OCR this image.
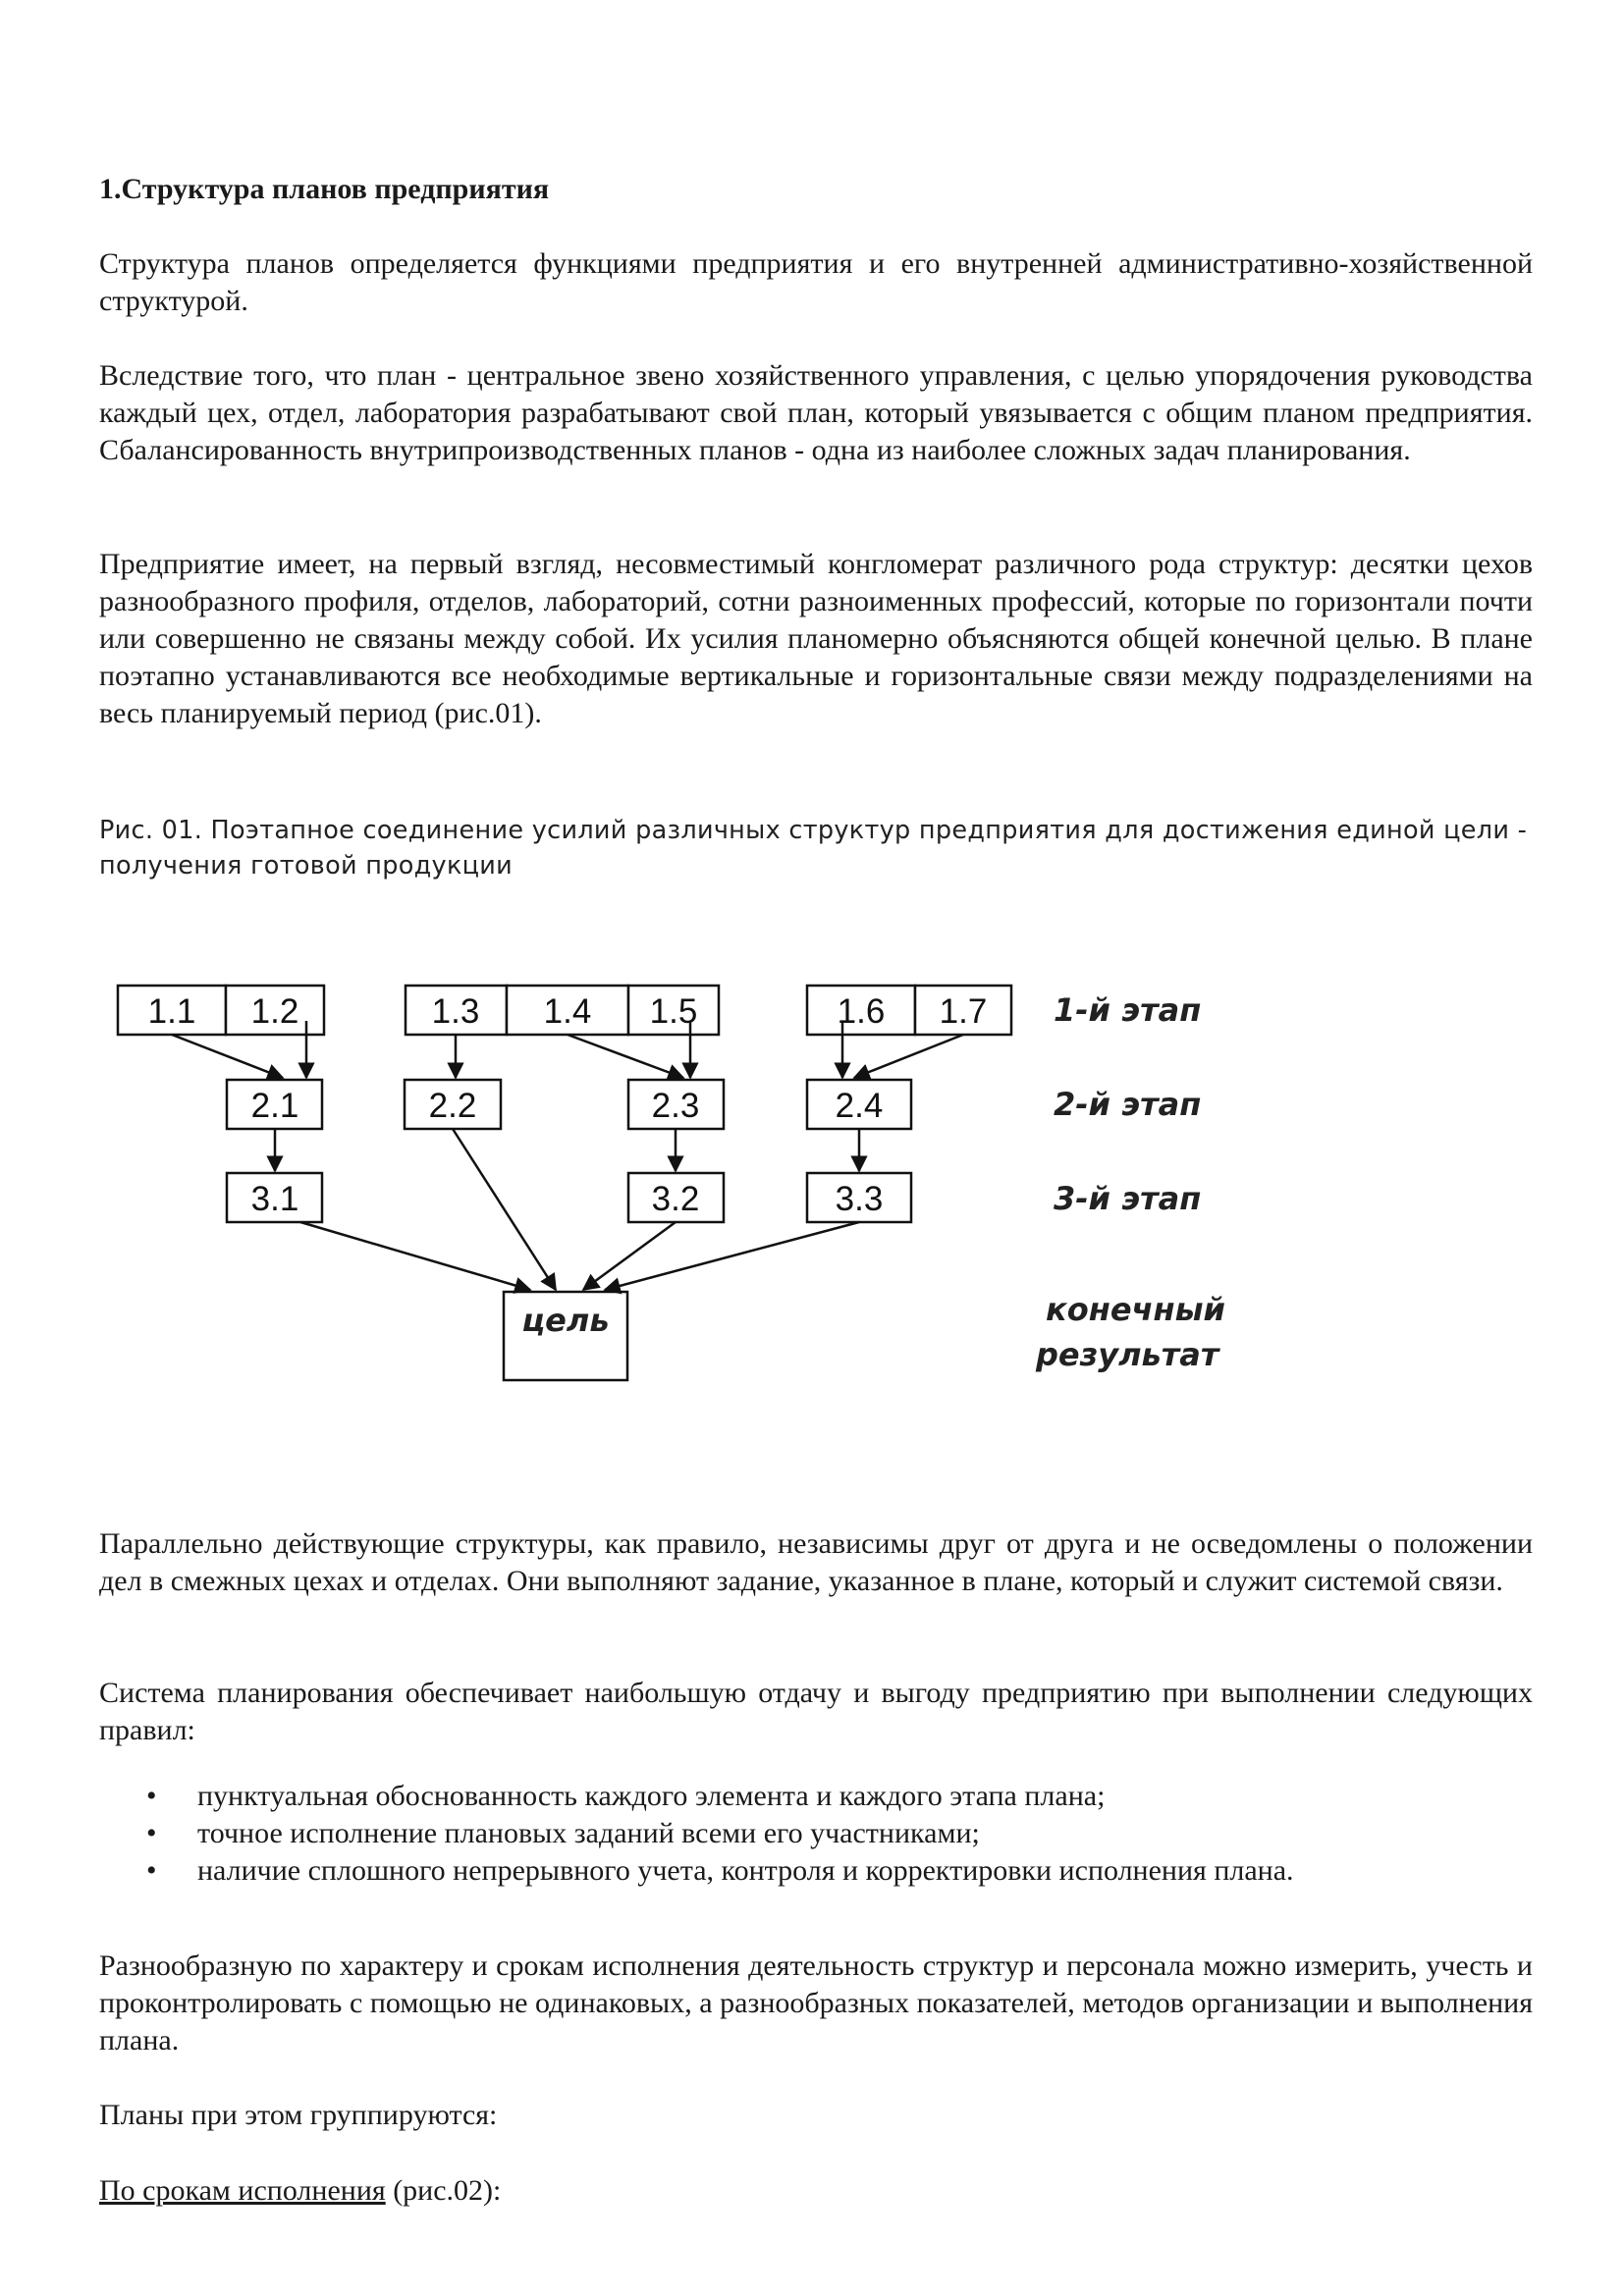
1.Структура планов предприятия

Структура планов определяется функциями предприятия и его внутренней административно-хозяйственной структурой.

Вследствие того, что план - центральное звено хозяйственного управления, с целью упорядочения руководства каждый цех, отдел, лаборатория разрабатывают свой план, который увязывается с общим планом предприятия. Сбалансированность внутрипроизводственных планов - одна из наиболее сложных задач планирования.

Предприятие имеет, на первый взгляд, несовместимый конгломерат различного рода структур: десятки цехов разнообразного профиля, отделов, лабораторий, сотни разноименных профессий, которые по горизонтали почти или совершенно не связаны между собой. Их усилия планомерно объясняются общей конечной целью. В плане поэтапно устанавливаются все необходимые вертикальные и горизонтальные связи между подразделениями на весь планируемый период (рис.01).

Рис. 01. Поэтапное соединение усилий различных структур предприятия для достижения единой цели - получения готовой продукции

1.1 1.2	1.3 1.4 1.5	1.6 1.7
2.1	2.2	2.3	2.4
3.1	3.2	3.3
цель
1-й этап
2-й этап
3-й этап
конечный
результат

Параллельно действующие структуры, как правило, независимы друг от друга и не осведомлены о положении дел в смежных цехах и отделах. Они выполняют задание, указанное в плане, который и служит системой связи.

Система планирования обеспечивает наибольшую отдачу и выгоду предприятию при выполнении следующих правил:

• пунктуальная обоснованность каждого элемента и каждого этапа плана;
• точное исполнение плановых заданий всеми его участниками;
• наличие сплошного непрерывного учета, контроля и корректировки исполнения плана.

Разнообразную по характеру и срокам исполнения деятельность структур и персонала можно измерить, учесть и проконтролировать с помощью не одинаковых, а разнообразных показателей, методов организации и выполнения плана.

Планы при этом группируются:

По срокам исполнения (рис.02):
